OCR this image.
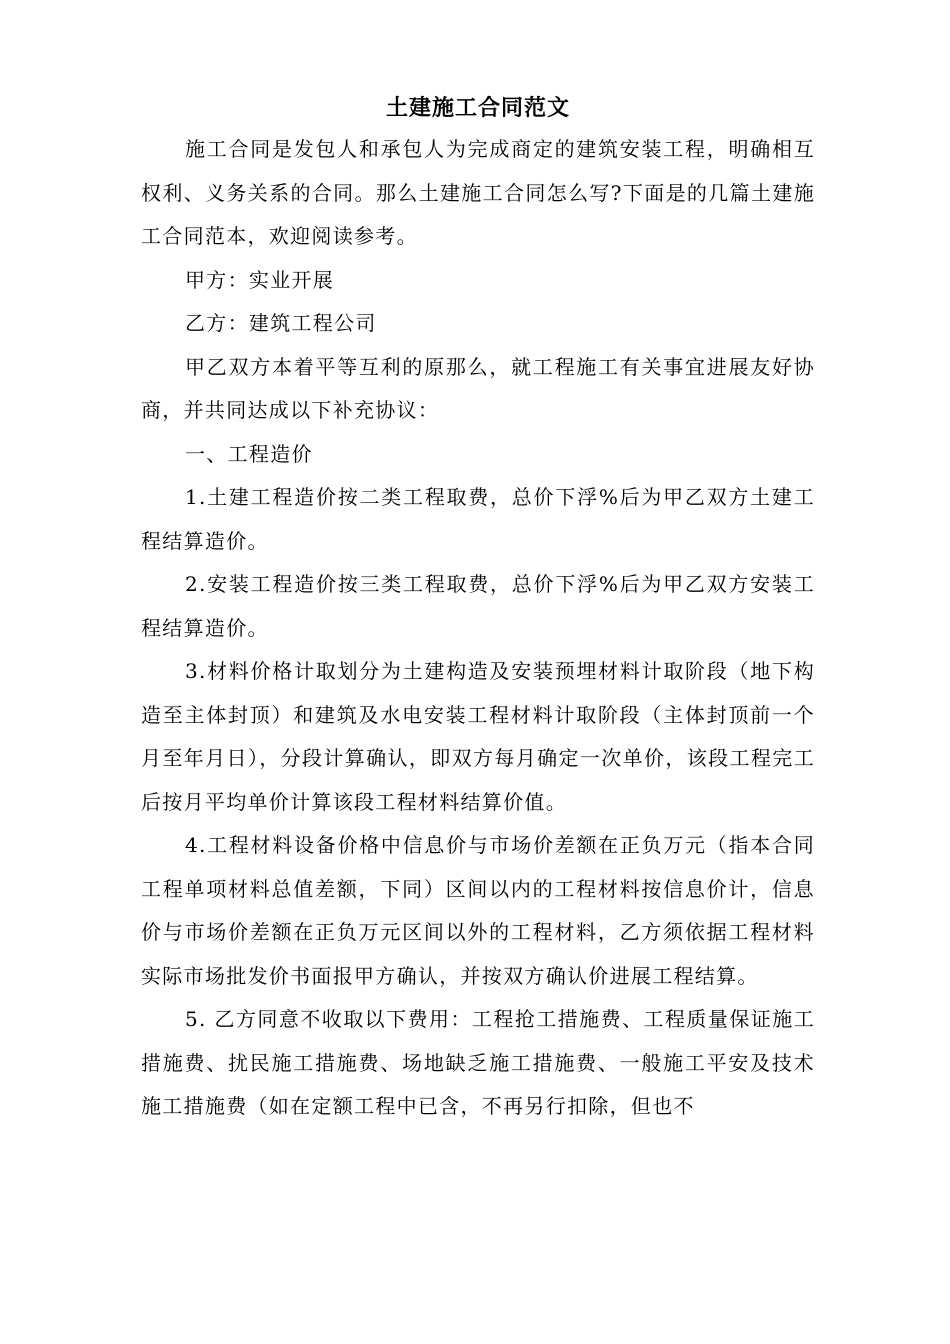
土建施工合同范文

施工合同是发包人和承包人为完成商定的建筑安装工程，明确相互权利、义务关系的合同。那么土建施工合同怎么写?下面是的几篇土建施工合同范本，欢迎阅读参考。

甲方：实业开展

乙方：建筑工程公司

甲乙双方本着平等互利的原那么，就工程施工有关事宜进展友好协商，并共同达成以下补充协议：

一、工程造价

1.土建工程造价按二类工程取费，总价下浮%后为甲乙双方土建工程结算造价。

2.安装工程造价按三类工程取费，总价下浮%后为甲乙双方安装工程结算造价。

3.材料价格计取划分为土建构造及安装预埋材料计取阶段（地下构造至主体封顶）和建筑及水电安装工程材料计取阶段（主体封顶前一个月至年月日），分段计算确认，即双方每月确定一次单价，该段工程完工后按月平均单价计算该段工程材料结算价值。

4.工程材料设备价格中信息价与市场价差额在正负万元（指本合同工程单项材料总值差额，下同）区间以内的工程材料按信息价计，信息价与市场价差额在正负万元区间以外的工程材料，乙方须依据工程材料实际市场批发价书面报甲方确认，并按双方确认价进展工程结算。

5. 乙方同意不收取以下费用：工程抢工措施费、工程质量保证施工措施费、扰民施工措施费、场地缺乏施工措施费、一般施工平安及技术施工措施费（如在定额工程中已含，不再另行扣除，但也不
